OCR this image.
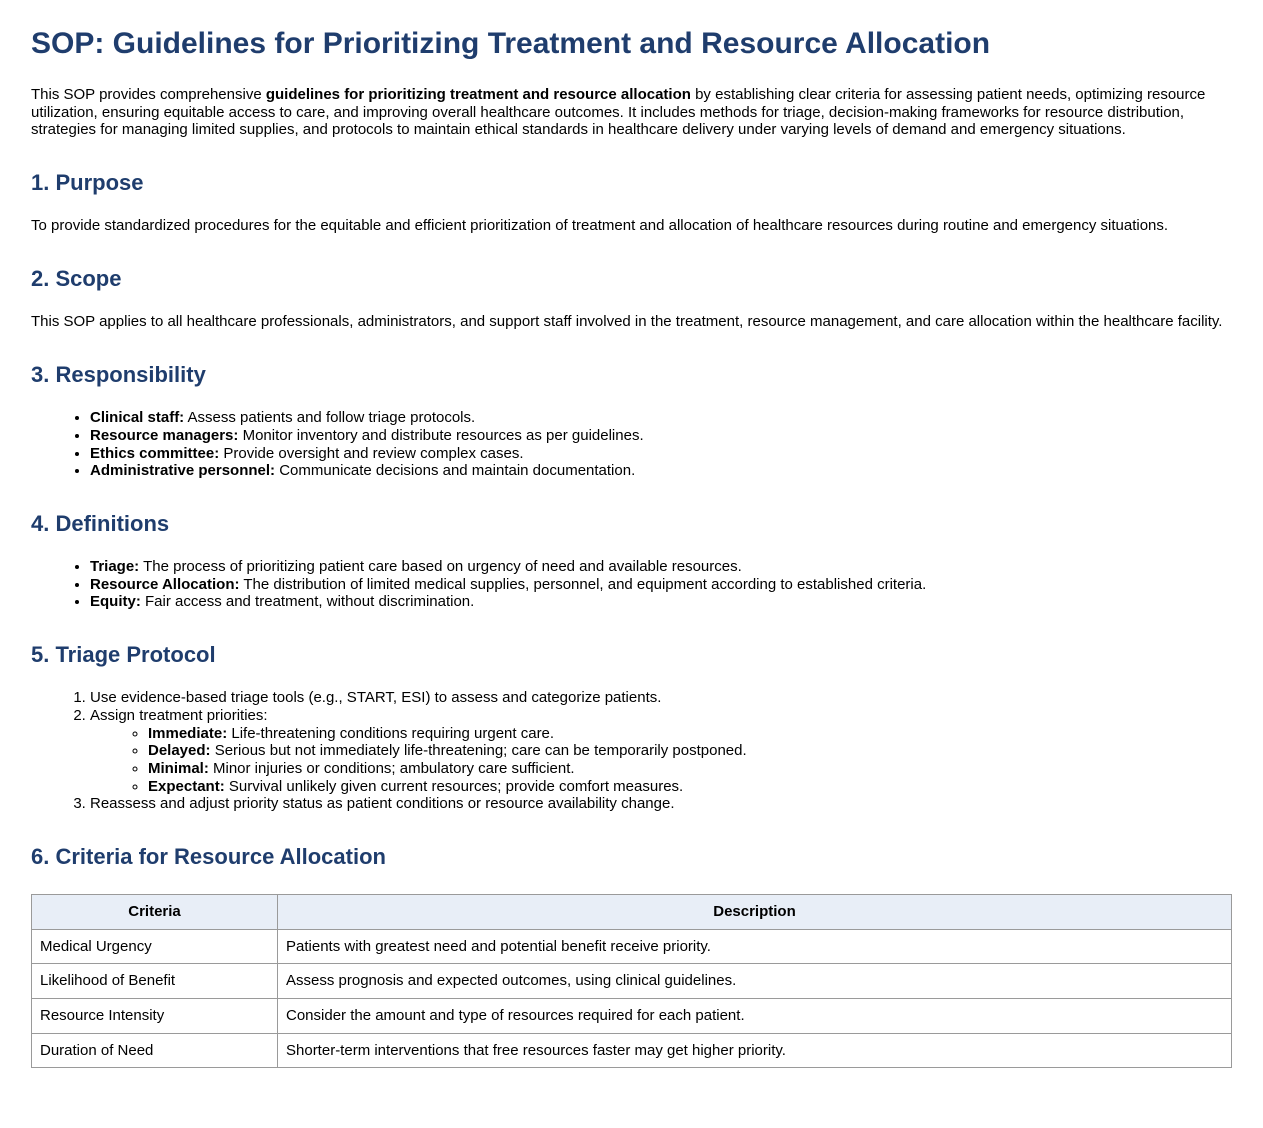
SOP: Guidelines for Prioritizing Treatment and Resource Allocation

This SOP provides comprehensive guidelines for prioritizing treatment and resource allocation by establishing clear criteria for assessing patient needs, optimizing resource utilization, ensuring equitable access to care, and improving overall healthcare outcomes. It includes methods for triage, decision-making frameworks for resource distribution, strategies for managing limited supplies, and protocols to maintain ethical standards in healthcare delivery under varying levels of demand and emergency situations.

1. Purpose

To provide standardized procedures for the equitable and efficient prioritization of treatment and allocation of healthcare resources during routine and emergency situations.

2. Scope

This SOP applies to all healthcare professionals, administrators, and support staff involved in the treatment, resource management, and care allocation within the healthcare facility.

3. Responsibility
• Clinical staff: Assess patients and follow triage protocols.
• Resource managers: Monitor inventory and distribute resources as per guidelines.
• Ethics committee: Provide oversight and review complex cases.
• Administrative personnel: Communicate decisions and maintain documentation.
4. Definitions
• Triage: The process of prioritizing patient care based on urgency of need and available resources.
• Resource Allocation: The distribution of limited medical supplies, personnel, and equipment according to established criteria.
• Equity: Fair access and treatment, without discrimination.
5. Triage Protocol
1. Use evidence-based triage tools (e.g., START, ESI) to assess and categorize patients.
2. Assign treatment priorities:
◦ Immediate: Life-threatening conditions requiring urgent care.
◦ Delayed: Serious but not immediately life-threatening; care can be temporarily postponed.
◦ Minimal: Minor injuries or conditions; ambulatory care sufficient.
◦ Expectant: Survival unlikely given current resources; provide comfort measures.
3. Reassess and adjust priority status as patient conditions or resource availability change.
6. Criteria for Resource Allocation
Criteria	Description
Medical Urgency	Patients with greatest need and potential benefit receive priority.
Likelihood of Benefit	Assess prognosis and expected outcomes, using clinical guidelines.
Resource Intensity	Consider the amount and type of resources required for each patient.
Duration of Need	Shorter-term interventions that free resources faster may get higher priority.
